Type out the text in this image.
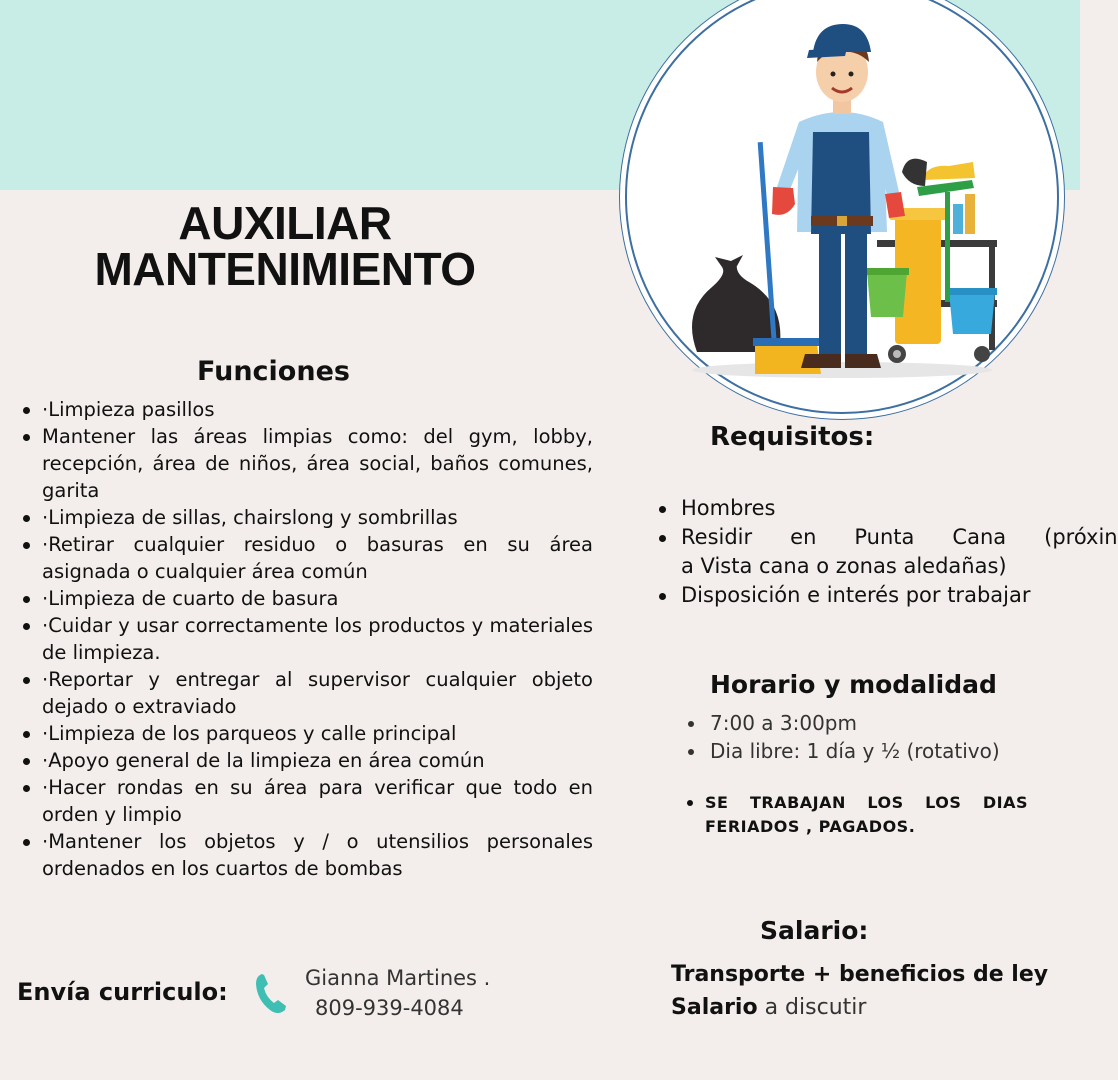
AUXILIAR
MANTENIMIENTO
Funciones
·Limpieza pasillos
Mantener las áreas limpias como: del gym, lobby, recepción, área de niños, área social, baños comunes, garita
·Limpieza de sillas, chairslong y sombrillas
·Retirar cualquier residuo o basuras en su área asignada o cualquier área común
·Limpieza de cuarto de basura
·Cuidar y usar correctamente los productos y materiales de limpieza.
·Reportar y entregar al supervisor cualquier objeto dejado o extraviado
·Limpieza de los parqueos y calle principal
·Apoyo general de la limpieza en área común
·Hacer rondas en su área para verificar que todo en orden y limpio
·Mantener los objetos y / o utensilios personales ordenados en los cuartos de bombas
Requisitos:
Hombres
Residir en Punta Cana (próxin
a Vista cana o zonas aledañas)
Disposición e interés por trabajar
Horario y modalidad
7:00 a 3:00pm
Dia libre: 1 día y ½ (rotativo)
SE TRABAJAN LOS LOS DIAS FERIADOS , PAGADOS.
Salario:

Transporte + beneficios de ley

Salario a discutir

Envía curriculo:	Gianna Martines .
809-939-4084
